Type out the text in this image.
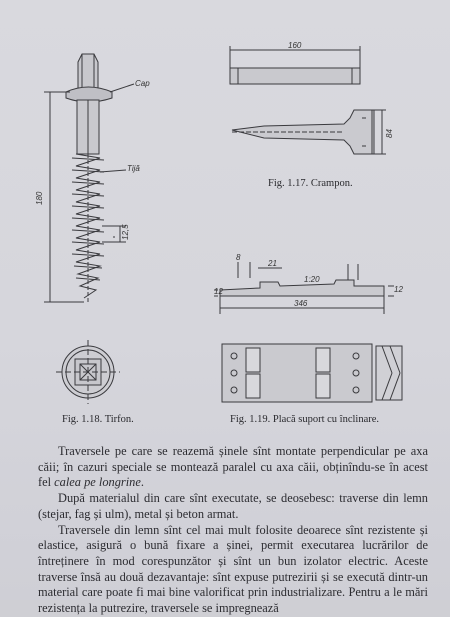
Cap
Tijă
180
12,5
160
84
Fig. 1.17. Crampon.
8
21
1:20
346
12	12
Fig. 1.18. Tirfon.	Fig. 1.19. Placă suport cu înclinare.

Traversele pe care se reazemă șinele sînt montate perpendicular pe axa căii; în cazuri speciale se montează paralel cu axa căii, obținîndu-se în acest fel calea pe longrine.

După materialul din care sînt executate, se deosebesc: traverse din lemn (stejar, fag și ulm), metal și beton armat.

Traversele din lemn sînt cel mai mult folosite deoarece sînt rezistente și elastice, asigură o bună fixare a șinei, permit executarea lucrărilor de întreținere în mod corespunzător și sînt un bun izolator electric. Aceste traverse însă au două dezavantaje: sînt expuse putrezirii și se execută dintr-un material care poate fi mai bine valorificat prin industrializare. Pentru a le mări rezistența la putrezire, traversele se impregnează
